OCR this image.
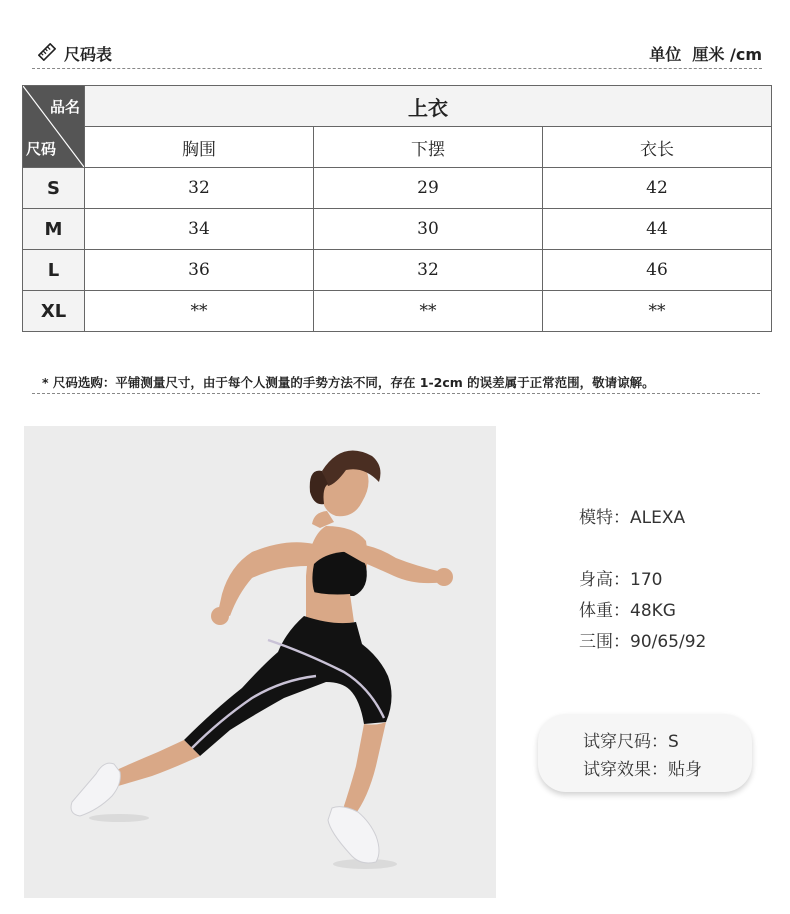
尺码表	单位  厘米 /cm
品名
尺码	上衣		
	胸围	下摆	衣长
S	32	29	42
M	34	30	44
L	36	32	46
XL	**	**	**
* 尺码选购：平铺测量尺寸，由于每个人测量的手势方法不同，存在 1-2cm 的误差属于正常范围，敬请谅解。
模特：ALEXA
身高：170
体重：48KG
三围：90/65/92
试穿尺码：S
试穿效果：贴身
